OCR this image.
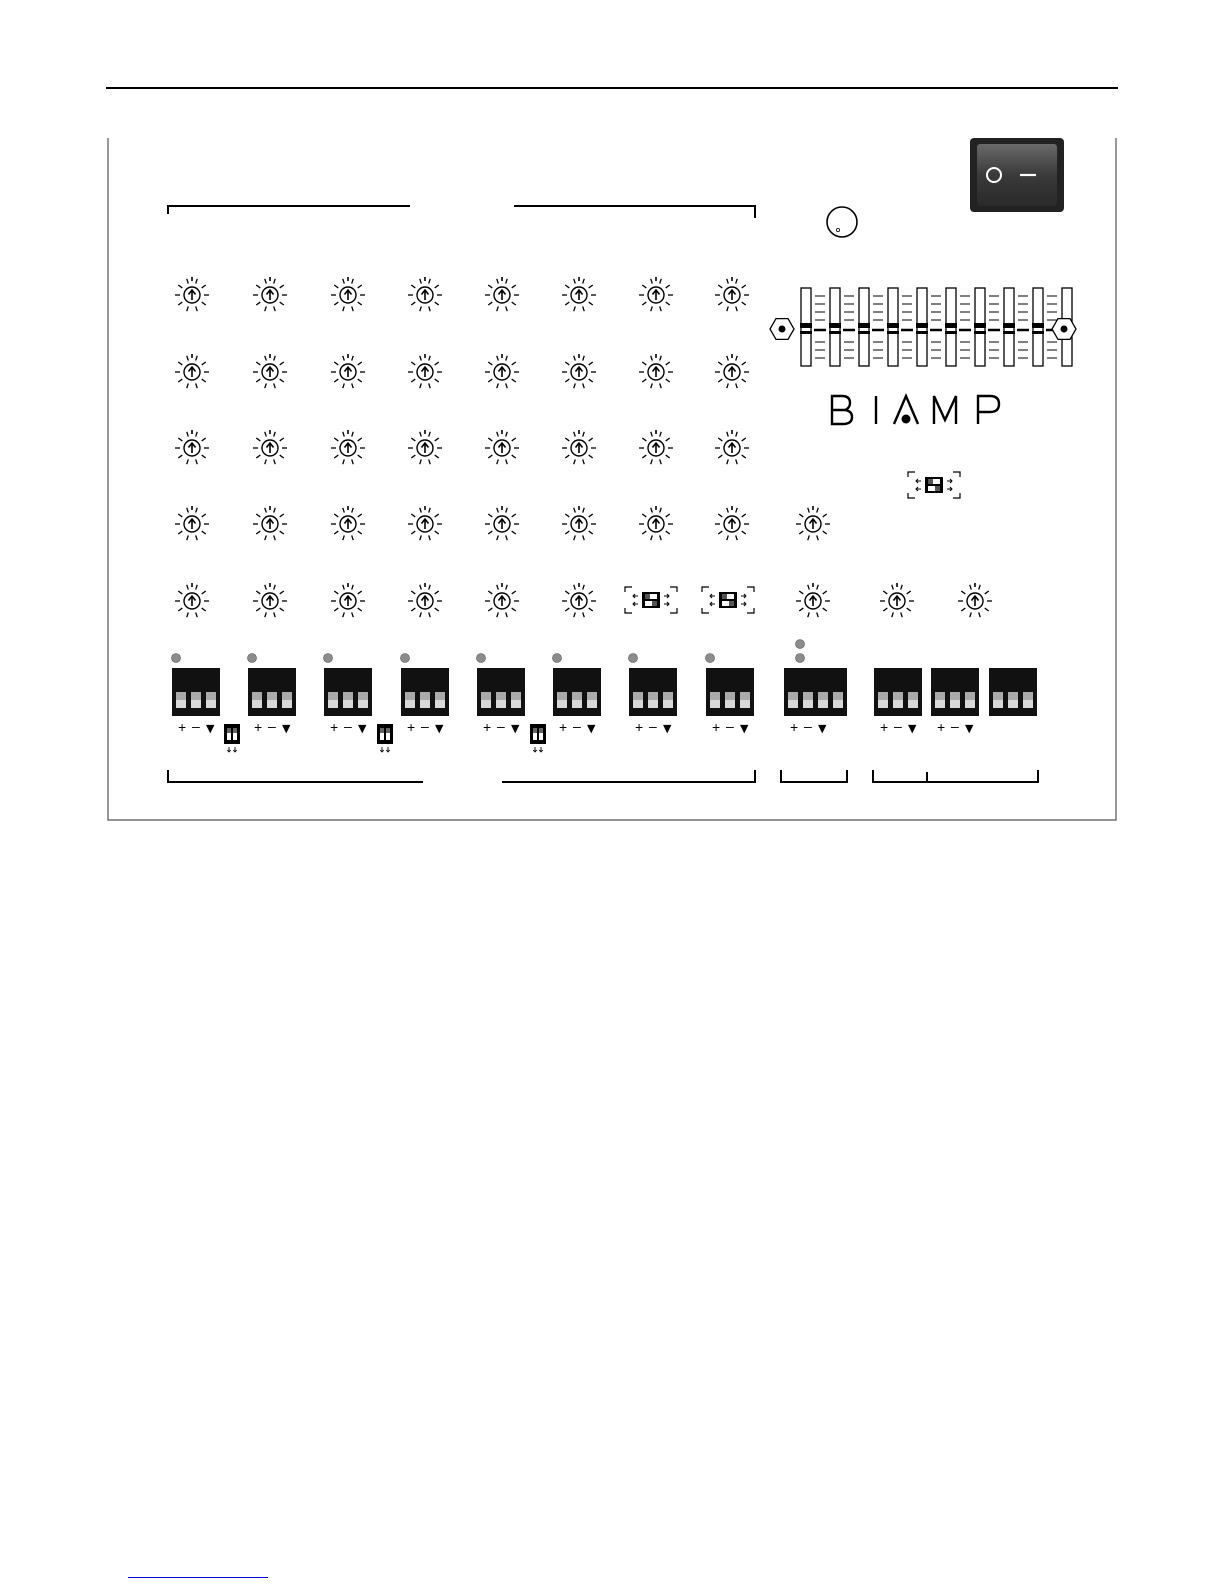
+ – ▼	+ – ▼	+ – ▼	+ – ▼	+ – ▼	+ – ▼	+ – ▼	+ – ▼	+ – ▼	+ – ▼ + – ▼
